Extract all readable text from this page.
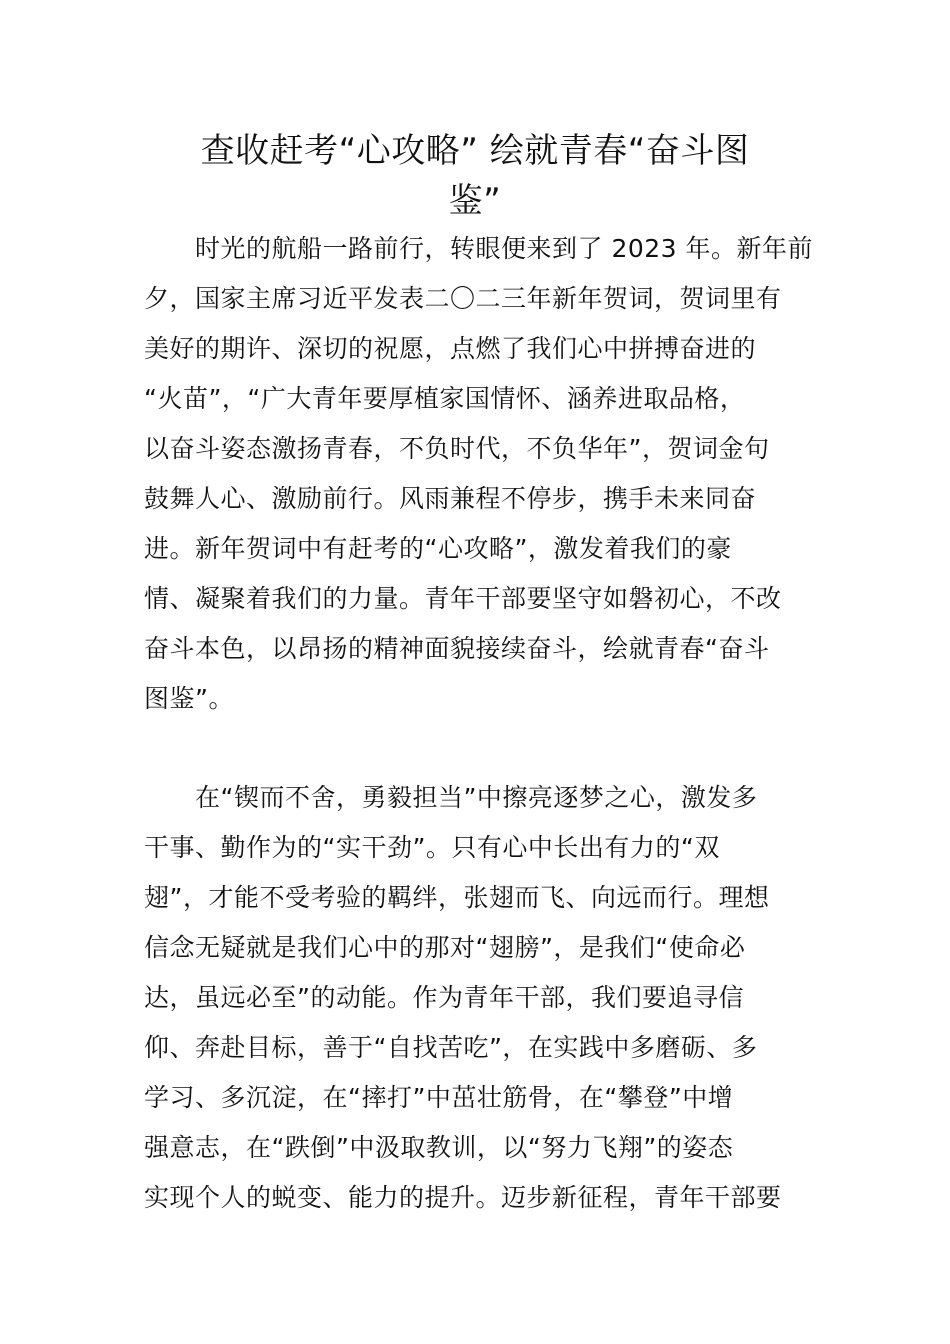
查收赶考“心攻略” 绘就青春“奋斗图
鉴”

　　时光的航船一路前行，转眼便来到了 2023 年。新年前

夕，国家主席习近平发表二〇二三年新年贺词，贺词里有

美好的期许、深切的祝愿，点燃了我们心中拼搏奋进的

“火苗”，“广大青年要厚植家国情怀、涵养进取品格，

以奋斗姿态激扬青春，不负时代，不负华年”，贺词金句

鼓舞人心、激励前行。风雨兼程不停步，携手未来同奋

进。新年贺词中有赶考的“心攻略”，激发着我们的豪

情、凝聚着我们的力量。青年干部要坚守如磐初心，不改

奋斗本色，以昂扬的精神面貌接续奋斗，绘就青春“奋斗

图鉴”。

　　在“锲而不舍，勇毅担当”中擦亮逐梦之心，激发多

干事、勤作为的“实干劲”。只有心中长出有力的“双

翅”，才能不受考验的羁绊，张翅而飞、向远而行。理想

信念无疑就是我们心中的那对“翅膀”，是我们“使命必

达，虽远必至”的动能。作为青年干部，我们要追寻信

仰、奔赴目标，善于“自找苦吃”，在实践中多磨砺、多

学习、多沉淀，在“摔打”中茁壮筋骨，在“攀登”中增

强意志，在“跌倒”中汲取教训，以“努力飞翔”的姿态

实现个人的蜕变、能力的提升。迈步新征程，青年干部要
